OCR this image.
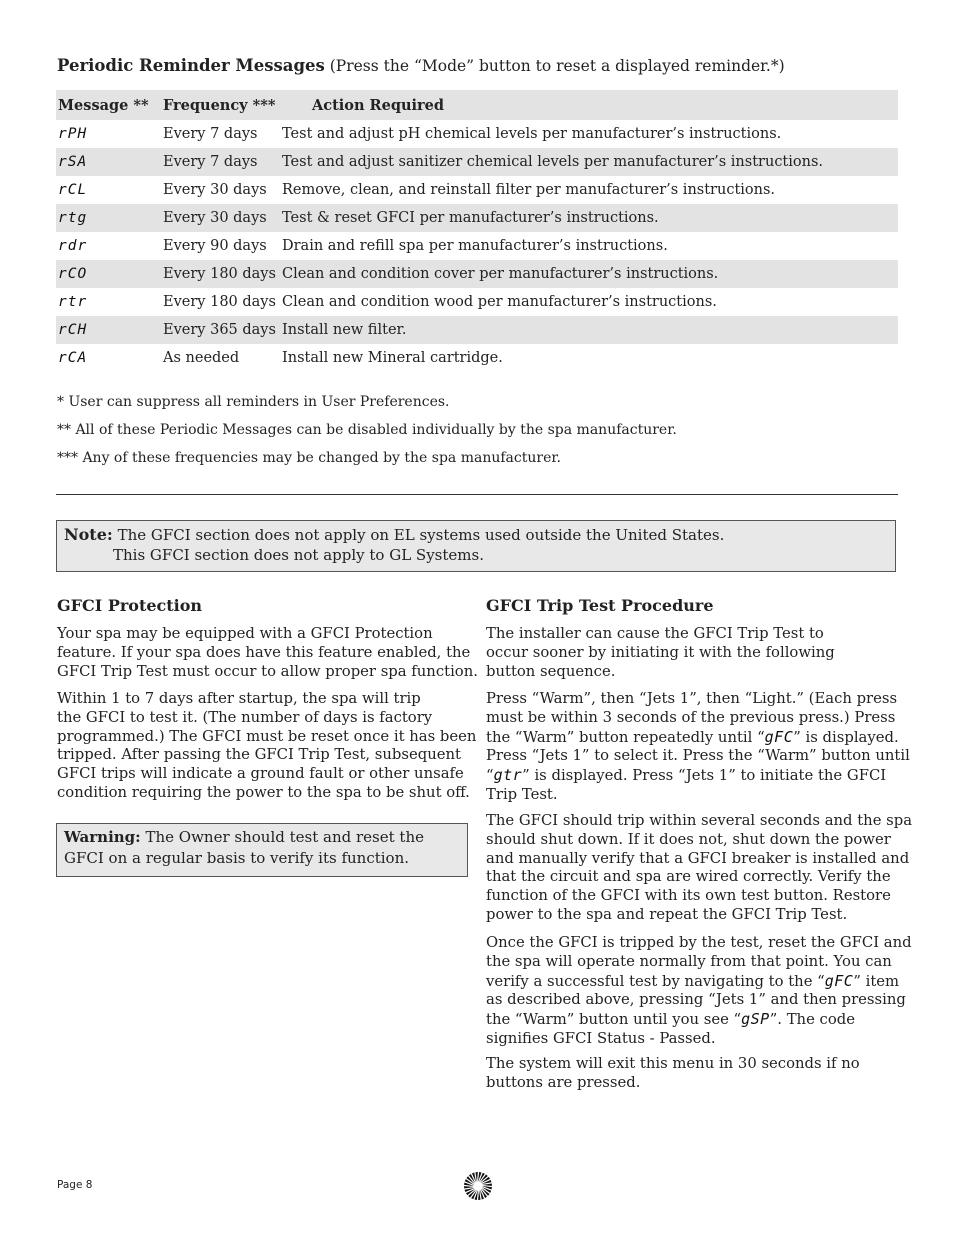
Periodic Reminder Messages (Press the “Mode” button to reset a displayed reminder.*)
Message **	Frequency ***	Action Required
rPH	Every 7 days	Test and adjust pH chemical levels per manufacturer’s instructions.
rSA	Every 7 days	Test and adjust sanitizer chemical levels per manufacturer’s instructions.
rCL	Every 30 days	Remove, clean, and reinstall filter per manufacturer’s instructions.
rtg	Every 30 days	Test & reset GFCI per manufacturer’s instructions.
rdr	Every 90 days	Drain and refill spa per manufacturer’s instructions.
rCO	Every 180 days	Clean and condition cover per manufacturer’s instructions.
rtr	Every 180 days	Clean and condition wood per manufacturer’s instructions.
rCH	Every 365 days	Install new filter.
rCA	As needed	Install new Mineral cartridge.
* User can suppress all reminders in User Preferences.
** All of these Periodic Messages can be disabled individually by the spa manufacturer.
*** Any of these frequencies may be changed by the spa manufacturer.
Note: The GFCI section does not apply on EL systems used outside the United States.
This GFCI section does not apply to GL Systems.
GFCI Protection
Your spa may be equipped with a GFCI Protection
feature. If your spa does have this feature enabled, the
GFCI Trip Test must occur to allow proper spa function.
Within 1 to 7 days after startup, the spa will trip
the GFCI to test it. (The number of days is factory
programmed.) The GFCI must be reset once it has been
tripped. After passing the GFCI Trip Test, subsequent
GFCI trips will indicate a ground fault or other unsafe
condition requiring the power to the spa to be shut off.
Warning: The Owner should test and reset the GFCI on a regular basis to verify its function.
GFCI Trip Test Procedure
The installer can cause the GFCI Trip Test to
occur sooner by initiating it with the following
button sequence.
Press “Warm”, then “Jets 1”, then “Light.” (Each press
must be within 3 seconds of the previous press.) Press
the “Warm” button repeatedly until “gFC” is displayed.
Press “Jets 1” to select it. Press the “Warm” button until
“gtr” is displayed. Press “Jets 1” to initiate the GFCI
Trip Test.
The GFCI should trip within several seconds and the spa
should shut down. If it does not, shut down the power
and manually verify that a GFCI breaker is installed and
that the circuit and spa are wired correctly. Verify the
function of the GFCI with its own test button. Restore
power to the spa and repeat the GFCI Trip Test.
Once the GFCI is tripped by the test, reset the GFCI and
the spa will operate normally from that point. You can
verify a successful test by navigating to the “gFC” item
as described above, pressing “Jets 1” and then pressing
the “Warm” button until you see “gSP”. The code
signifies GFCI Status - Passed.
The system will exit this menu in 30 seconds if no
buttons are pressed.
Page 8
